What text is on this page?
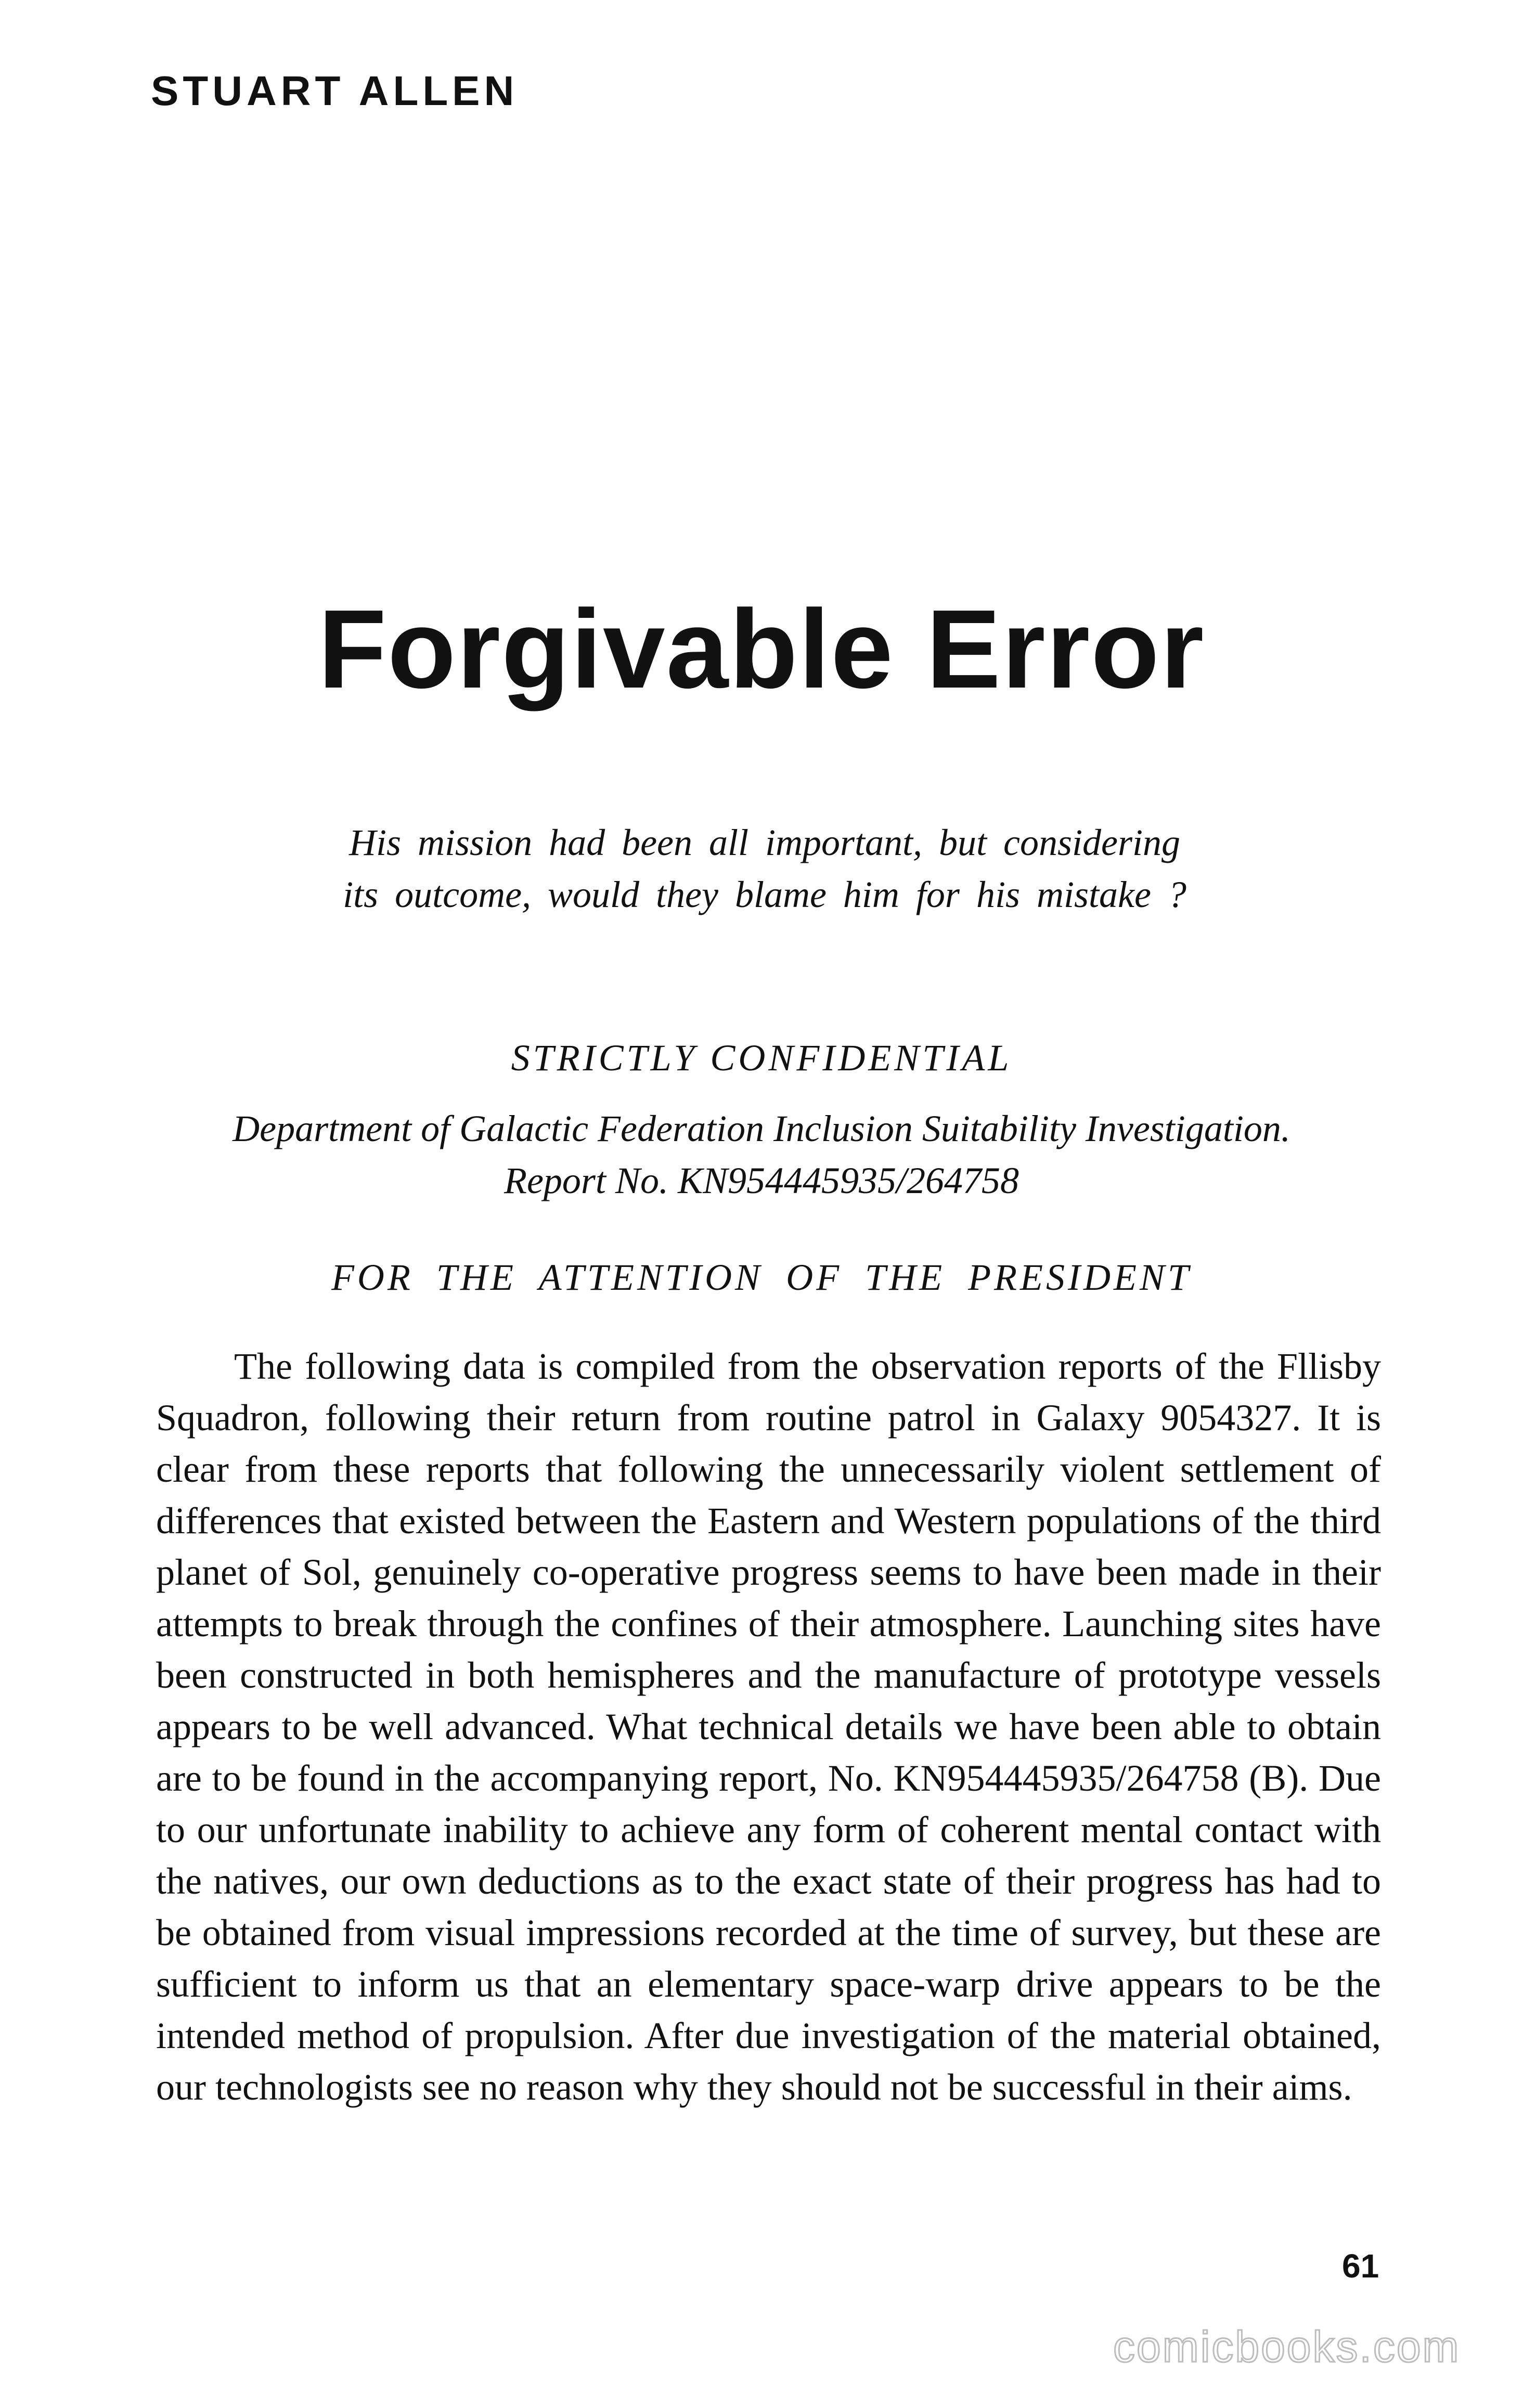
STUART ALLEN
Forgivable Error
His mission had been all important, but considering
its outcome, would they blame him for his mistake ?
STRICTLY CONFIDENTIAL
Department of Galactic Federation Inclusion Suitability Investigation.
Report No. KN954445935/264758
FOR THE ATTENTION OF THE PRESIDENT
The following data is compiled from the observation reports of the Fllisby Squadron, following their return from routine patrol in Galaxy 9054327. It is clear from these reports that following the unnecessarily violent settlement of differences that existed between the Eastern and Western populations of the third planet of Sol, genuinely co-operative progress seems to have been made in their attempts to break through the confines of their atmosphere. Launching sites have been constructed in both hemispheres and the manufacture of prototype vessels appears to be well advanced. What technical details we have been able to obtain are to be found in the accompanying report, No. KN954445935/264758 (B). Due to our unfortunate inability to achieve any form of coherent mental contact with the natives, our own deductions as to the exact state of their progress has had to be obtained from visual impressions recorded at the time of survey, but these are sufficient to inform us that an elementary space-warp drive appears to be the intended method of propulsion. After due investigation of the material obtained, our technologists see no reason why they should not be successful in their aims.
61
comicbooks.com
